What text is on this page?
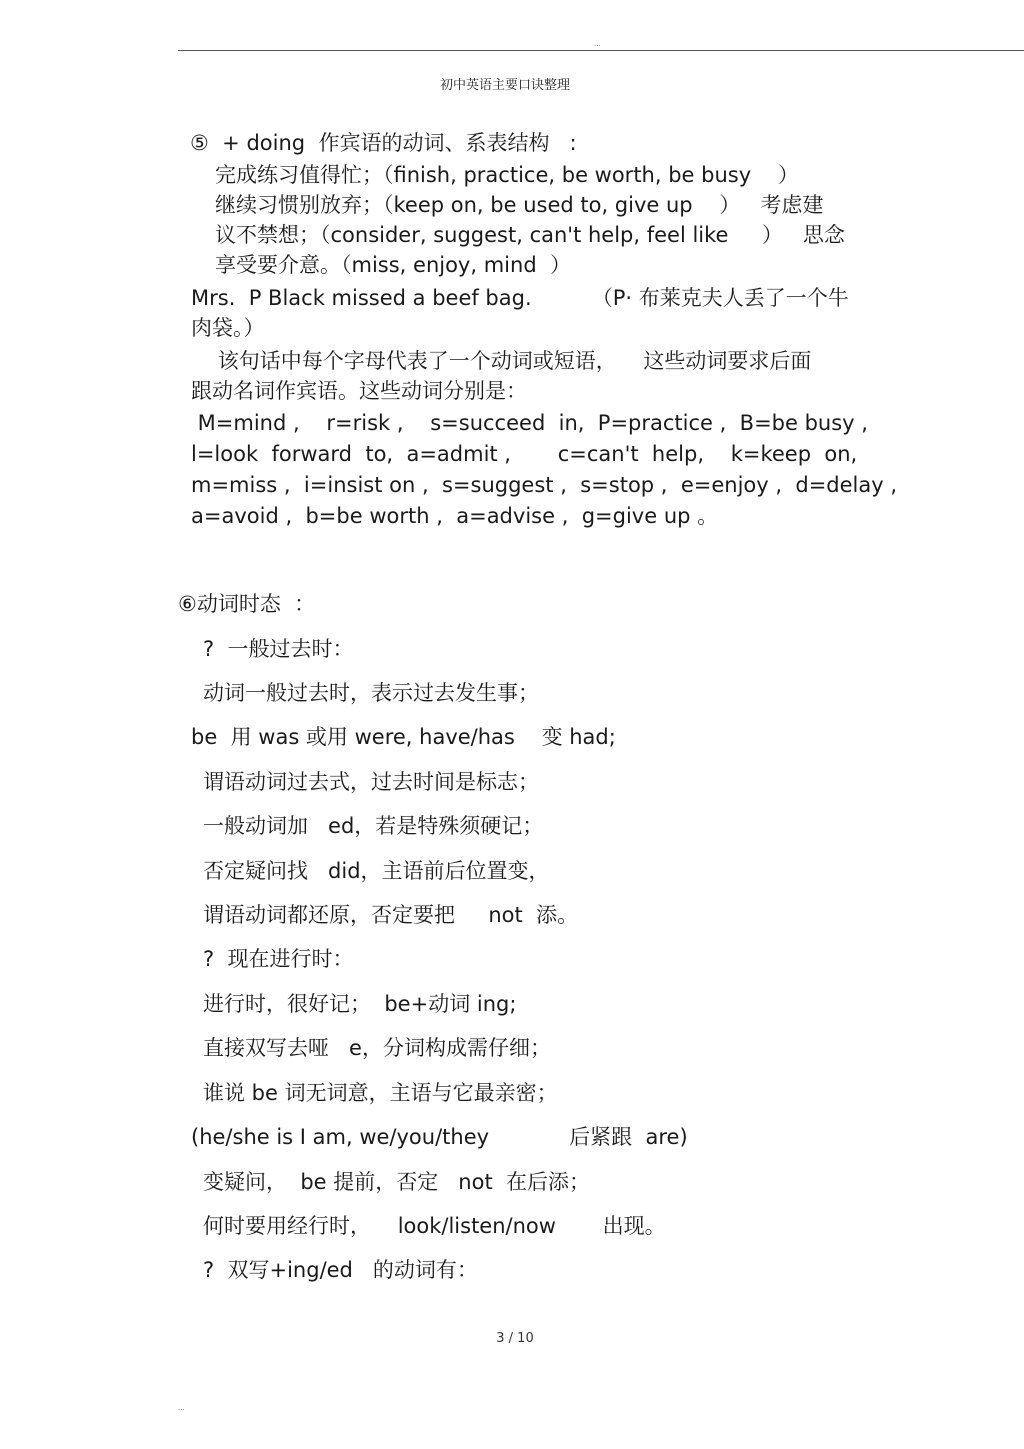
...
初中英语主要口诀整理
⑤  + doing  作宾语的动词、系表结构   :
完成练习值得忙；（finish, practice, be worth, be busy    ）
继续习惯别放弃；（keep on, be used to, give up    ）   考虑建
议不禁想；（consider, suggest, can't help, feel like     ）   思念
享受要介意。（miss, enjoy, mind  ）
Mrs.  P Black missed a beef bag.         （P· 布莱克夫人丢了一个牛
肉袋。）
该句话中每个字母代表了一个动词或短语，    这些动词要求后面
跟动名词作宾语。这些动词分别是：
M=mind ,    r=risk ,    s=succeed  in,  P=practice ,  B=be busy ,
l=look  forward  to,  a=admit ,       c=can't  help,    k=keep  on,
m=miss ,  i=insist on ,  s=suggest ,  s=stop ,  e=enjoy ,  d=delay ,
a=avoid ,  b=be worth ,  a=advise ,  g=give up 。
⑥动词时态  ：
?  一般过去时：
动词一般过去时，表示过去发生事；
be  用 was 或用 were, have/has    变 had;
谓语动词过去式，过去时间是标志；
一般动词加   ed，若是特殊须硬记；
否定疑问找   did，主语前后位置变，
谓语动词都还原，否定要把     not  添。
?  现在进行时：
进行时，很好记；  be+动词 ing;
直接双写去哑   e，分词构成需仔细；
谁说 be 词无词意，主语与它最亲密；
(he/she is I am, we/you/they            后紧跟  are)
变疑问，  be 提前，否定   not  在后添；
何时要用经行时，    look/listen/now       出现。
?  双写+ing/ed   的动词有：
3 / 10
...
